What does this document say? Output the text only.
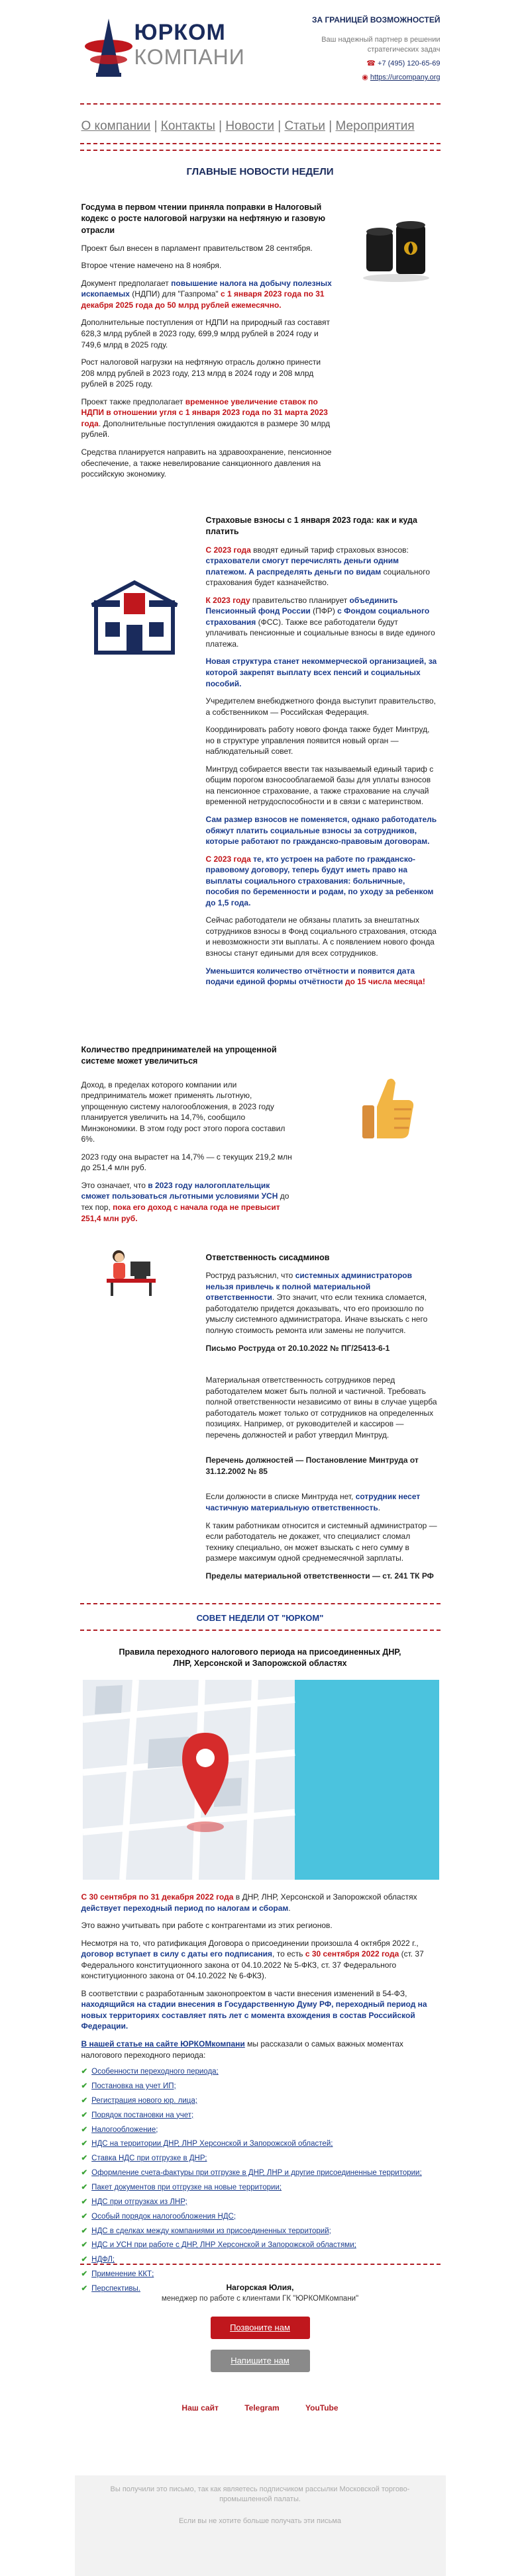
ЮРКОМ
КОМПАНИ
ЗА ГРАНИЦЕЙ ВОЗМОЖНОСТЕЙ
Ваш надежный партнер в решении стратегических задач
☎ +7 (495) 120-65-69
◉ https://urcompany.org
О компании | Контакты | Новости | Статьи | Мероприятия
ГЛАВНЫЕ НОВОСТИ НЕДЕЛИ
Госдума в первом чтении приняла поправки в Налоговый кодекс о росте налоговой нагрузки на нефтяную и газовую отрасли
Проект был внесен в парламент правительством 28 сентября.
Второе чтение намечено на 8 ноября.
Документ предполагает повышение налога на добычу полезных ископаемых (НДПИ) для "Газпрома" с 1 января 2023 года по 31 декабря 2025 года до 50 млрд рублей ежемесячно.
Дополнительные поступления от НДПИ на природный газ составят 628,3 млрд рублей в 2023 году, 699,9 млрд рублей в 2024 году и 749,6 млрд в 2025 году.
Рост налоговой нагрузки на нефтяную отрасль должно принести 208 млрд рублей в 2023 году, 213 млрд в 2024 году и 208 млрд рублей в 2025 году.
Проект также предполагает временное увеличение ставок по НДПИ в отношении угля с 1 января 2023 года по 31 марта 2023 года. Дополнительные поступления ожидаются в размере 30 млрд рублей.
Средства планируется направить на здравоохранение, пенсионное обеспечение, а также невелирование санкционного давления на российскую экономику.
Страховые взносы с 1 января 2023 года: как и куда платить
С 2023 года вводят единый тариф страховых взносов: страхователи смогут перечислять деньги одним платежом. А распределять деньги по видам социального страхования будет казначейство.
К 2023 году правительство планирует объединить Пенсионный фонд России (ПФР) с Фондом социального страхования (ФСС). Также все работодатели будут уплачивать пенсионные и социальные взносы в виде единого платежа.
Новая структура станет некоммерческой организацией, за которой закрепят выплату всех пенсий и социальных пособий.
Учредителем внебюджетного фонда выступит правительство, а собственником — Российская Федерация.
Координировать работу нового фонда также будет Минтруд, но в структуре управления появится новый орган — наблюдательный совет.
Минтруд собирается ввести так называемый единый тариф с общим порогом взносооблагаемой базы для уплаты взносов на пенсионное страхование, а также страхование на случай временной нетрудоспособности и в связи с материнством.
Сам размер взносов не поменяется, однако работодатель обяжут платить социальные взносы за сотрудников, которые работают по гражданско-правовым договорам.
С 2023 года те, кто устроен на работе по гражданско-правовому договору, теперь будут иметь право на выплаты социального страхования: больничные, пособия по беременности и родам, по уходу за ребенком до 1,5 года.
Сейчас работодатели не обязаны платить за внештатных сотрудников взносы в Фонд социального страхования, отсюда и невозможности эти выплаты. А с появлением нового фонда взносы станут едиными для всех сотрудников.
Уменьшится количество отчётности и появится дата подачи единой формы отчётности до 15 числа месяца!
Количество предпринимателей на упрощенной системе может увеличиться
Доход, в пределах которого компании или предприниматель может применять льготную, упрощенную систему налогообложения, в 2023 году планируется увеличить на 14,7%, сообщило Минэкономики. В этом году рост этого порога составил 6%.
2023 году она вырастет на 14,7% — с текущих 219,2 млн до 251,4 млн руб.
Это означает, что в 2023 году налогоплательщик сможет пользоваться льготными условиями УСН до тех пор, пока его доход с начала года не превысит 251,4 млн руб.
Ответственность сисадминов
Роструд разъяснил, что системных администраторов нельзя привлечь к полной материальной ответственности. Это значит, что если техника сломается, работодателю придется доказывать, что его произошло по умыслу системного администратора. Иначе взыскать с него полную стоимость ремонта или замены не получится.
Письмо Роструда от 20.10.2022 № ПГ/25413-6-1
Материальная ответственность сотрудников перед работодателем может быть полной и частичной. Требовать полной ответственности независимо от вины в случае ущерба работодатель может только от сотрудников на определенных позициях. Например, от руководителей и кассиров — перечень должностей и работ утвердил Минтруд.
Перечень должностей — Постановление Минтруда от 31.12.2002 № 85
Если должности в списке Минтруда нет, сотрудник несет частичную материальную ответственность.
К таким работникам относится и системный администратор — если работодатель не докажет, что специалист сломал технику специально, он может взыскать с него сумму в размере максимум одной среднемесячной зарплаты.
Пределы материальной ответственности — ст. 241 ТК РФ
СОВЕТ НЕДЕЛИ ОТ "ЮРКОМ"
Правила переходного налогового периода на присоединенных ДНР, ЛНР, Херсонской и Запорожской областях
С 30 сентября по 31 декабря 2022 года в ДНР, ЛНР, Херсонской и Запорожской областях действует переходный период по налогам и сборам.
Это важно учитывать при работе с контрагентами из этих регионов.
Несмотря на то, что ратификация Договора о присоединении произошла 4 октября 2022 г., договор вступает в силу с даты его подписания, то есть с 30 сентября 2022 года (ст. 37 Федерального конституционного закона от 04.10.2022 № 5-ФКЗ, ст. 37 Федерального конституционного закона от 04.10.2022 № 6-ФКЗ).
В соответствии с разработанным законопроектом в части внесения изменений в 54-ФЗ, находящийся на стадии внесения в Государственную Думу РФ, переходный период на новых территориях составляет пять лет с момента вхождения в состав Российской Федерации.
В нашей статье на сайте ЮРКОМкомпани мы рассказали о самых важных моментах налогового переходного периода:
✔ Особенности переходного периода;
✔ Постановка на учет ИП;
✔ Регистрация нового юр. лица;
✔ Порядок постановки на учет;
✔ Налогообложение;
✔ НДС на территории ДНР, ЛНР Херсонской и Запорожской областей;
✔ Ставка НДС при отгрузке в ДНР;
✔ Оформление счета-фактуры при отгрузке в ДНР, ЛНР и другие присоединенные территории;
✔ Пакет документов при отгрузке на новые территории;
✔ НДС при отгрузках из ЛНР;
✔ Особый порядок налогообложения НДС;
✔ НДС в сделках между компаниями из присоединенных территорий;
✔ НДС и УСН при работе с ДНР, ЛНР Херсонской и Запорожской областями;
✔ НДФЛ;
✔ Применение ККТ;
✔ Перспективы.	Нагорская Юлия,
менеджер по работе с клиентами ГК "ЮРКОМКомпани"
Позвоните нам
Напишите нам
Наш сайт	Telegram	YouTube
Вы получили это письмо, так как являетесь подписчиком рассылки Московской торгово-промышленной палаты.
Если вы не хотите больше получать эти письма
